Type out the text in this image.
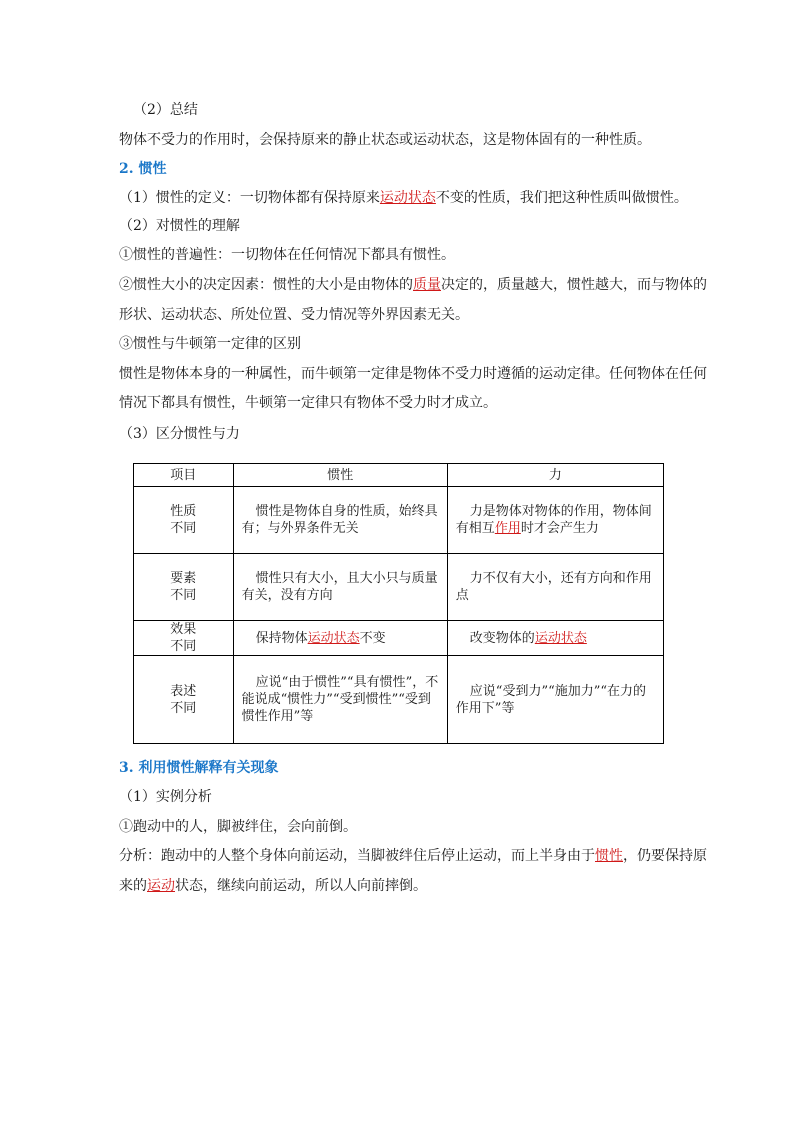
（2）总结
物体不受力的作用时，会保持原来的静止状态或运动状态，这是物体固有的一种性质。
2. 惯性
（1）惯性的定义：一切物体都有保持原来运动状态不变的性质，我们把这种性质叫做惯性。
（2）对惯性的理解
①惯性的普遍性：一切物体在任何情况下都具有惯性。
②惯性大小的决定因素：惯性的大小是由物体的质量决定的，质量越大，惯性越大，而与物体的
形状、运动状态、所处位置、受力情况等外界因素无关。
③惯性与牛顿第一定律的区别
惯性是物体本身的一种属性，而牛顿第一定律是物体不受力时遵循的运动定律。任何物体在任何
情况下都具有惯性，牛顿第一定律只有物体不受力时才成立。
（3）区分惯性与力
项目	惯性	力
性质
不同	惯性是物体自身的性质，始终具有；与外界条件无关	力是物体对物体的作用，物体间有相互作用时才会产生力
要素
不同	惯性只有大小，且大小只与质量有关，没有方向	力不仅有大小，还有方向和作用点
效果
不同	保持物体运动状态不变	改变物体的运动状态
表述
不同	应说“由于惯性”“具有惯性”，不能说成“惯性力”“受到惯性”“受到惯性作用”等	应说“受到力”“施加力”“在力的作用下”等
3. 利用惯性解释有关现象
（1）实例分析
①跑动中的人，脚被绊住，会向前倒。
分析：跑动中的人整个身体向前运动，当脚被绊住后停止运动，而上半身由于惯性，仍要保持原
来的运动状态，继续向前运动，所以人向前摔倒。
